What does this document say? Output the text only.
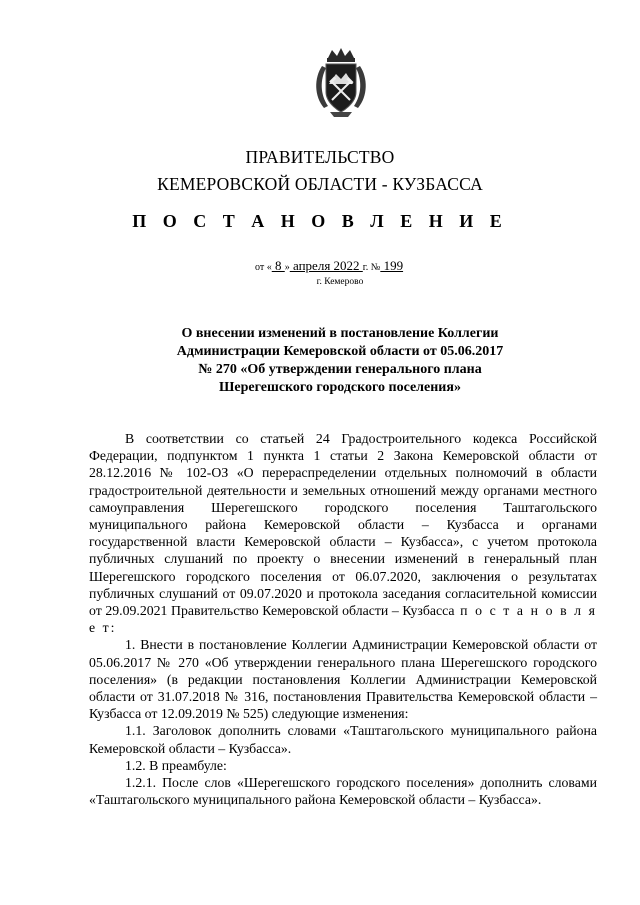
ПРАВИТЕЛЬСТВО
КЕМЕРОВСКОЙ ОБЛАСТИ - КУЗБАССА
П О С Т А Н О В Л Е Н И Е
от « 8 » апреля 2022 г. № 199
г. Кемерово
О внесении изменений в постановление Коллегии
Администрации Кемеровской области от 05.06.2017
№ 270 «Об утверждении генерального плана
Шерегешского городского поселения»

В соответствии со статьей 24 Градостроительного кодекса Российской Федерации, подпунктом 1 пункта 1 статьи 2 Закона Кемеровской области от 28.12.2016 № 102-ОЗ «О перераспределении отдельных полномочий в области градостроительной деятельности и земельных отношений между органами местного самоуправления Шерегешского городского поселения Таштагольского муниципального района Кемеровской области – Кузбасса и органами государственной власти Кемеровской области – Кузбасса», с учетом протокола публичных слушаний по проекту о внесении изменений в генеральный план Шерегешского городского поселения от 06.07.2020, заключения о результатах публичных слушаний от 09.07.2020 и протокола заседания согласительной комиссии от 29.09.2021 Правительство Кемеровской области – Кузбасса п о с т а н о в л я е т:

1. Внести в постановление Коллегии Администрации Кемеровской области от 05.06.2017 № 270 «Об утверждении генерального плана Шерегешского городского поселения» (в редакции постановления Коллегии Администрации Кемеровской области от 31.07.2018 № 316, постановления Правительства Кемеровской области – Кузбасса от 12.09.2019 № 525) следующие изменения:

1.1. Заголовок дополнить словами «Таштагольского муниципального района Кемеровской области – Кузбасса».

1.2. В преамбуле:

1.2.1. После слов «Шерегешского городского поселения» дополнить словами «Таштагольского муниципального района Кемеровской области – Кузбасса».
